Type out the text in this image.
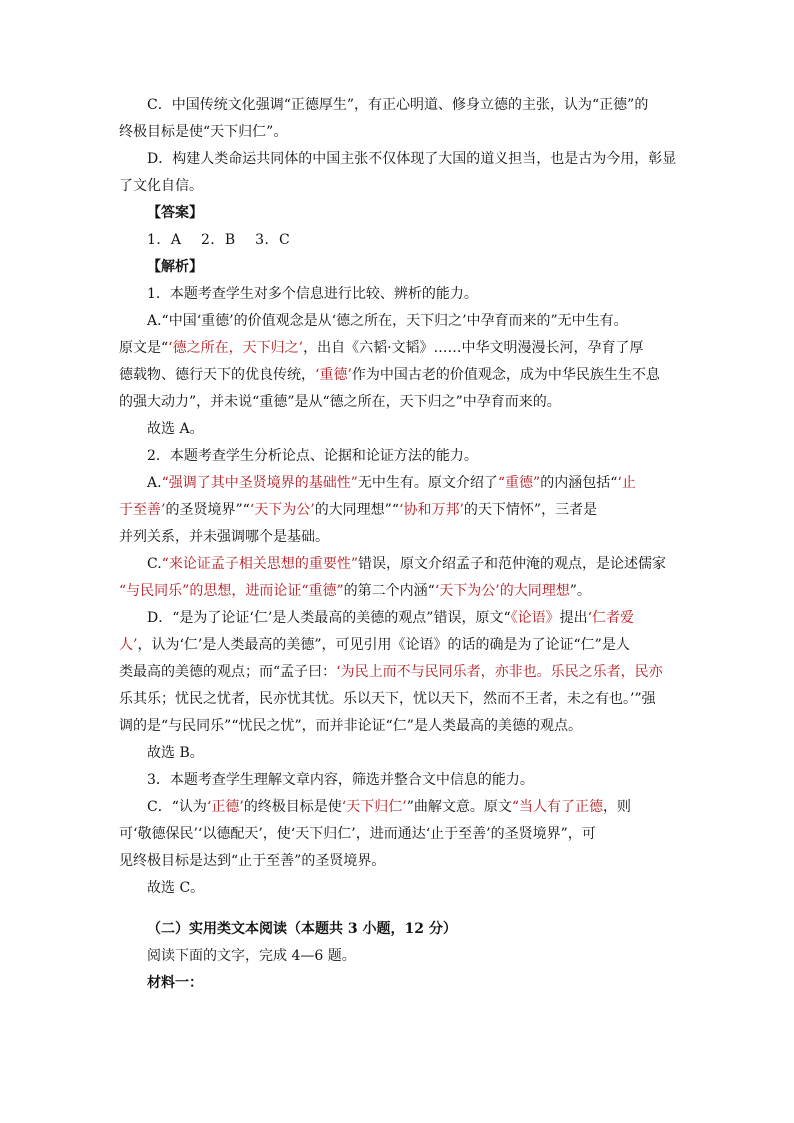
C．中国传统文化强调“正德厚生”，有正心明道、修身立德的主张，认为“正德”的

终极目标是使“天下归仁”。

D．构建人类命运共同体的中国主张不仅体现了大国的道义担当，也是古为今用，彰显

了文化自信。

【答案】

1．A　 2．B　 3．C

【解析】

1．本题考查学生对多个信息进行比较、辨析的能力。

A.“中国‘重德’的价值观念是从‘德之所在，天下归之’中孕育而来的”无中生有。

原文是“‘德之所在，天下归之’，出自《六韬·文韬》……中华文明漫漫长河，孕育了厚

德载物、德行天下的优良传统，‘重德’作为中国古老的价值观念，成为中华民族生生不息

的强大动力”，并未说“重德”是从“德之所在，天下归之”中孕育而来的。

故选 A。

2．本题考查学生分析论点、论据和论证方法的能力。

A.“强调了其中圣贤境界的基础性”无中生有。原文介绍了“重德”的内涵包括“‘止

于至善’的圣贤境界”“‘天下为公’的大同理想”“‘协和万邦’的天下情怀”，三者是

并列关系，并未强调哪个是基础。

C.“来论证孟子相关思想的重要性”错误，原文介绍孟子和范仲淹的观点，是论述儒家

“与民同乐”的思想，进而论证“重德”的第二个内涵“‘天下为公’的大同理想”。

D．“是为了论证‘仁’是人类最高的美德的观点”错误，原文“《论语》提出‘仁者爱

人’，认为‘仁’是人类最高的美德”，可见引用《论语》的话的确是为了论证“仁”是人

类最高的美德的观点；而“孟子曰：‘为民上而不与民同乐者，亦非也。乐民之乐者，民亦

乐其乐；忧民之忧者，民亦忧其忧。乐以天下，忧以天下，然而不王者，未之有也。’”强

调的是“与民同乐”“忧民之忧”，而并非论证“仁”是人类最高的美德的观点。

故选 B。

3．本题考查学生理解文章内容，筛选并整合文中信息的能力。

C．“认为‘正德’的终极目标是使‘天下归仁’”曲解文意。原文“当人有了正德，则

可‘敬德保民’‘以德配天’，使‘天下归仁’，进而通达‘止于至善’的圣贤境界”，可

见终极目标是达到“止于至善”的圣贤境界。

故选 C。

（二）实用类文本阅读（本题共 3 小题，12 分）

阅读下面的文字，完成 4—6 题。

材料一：
